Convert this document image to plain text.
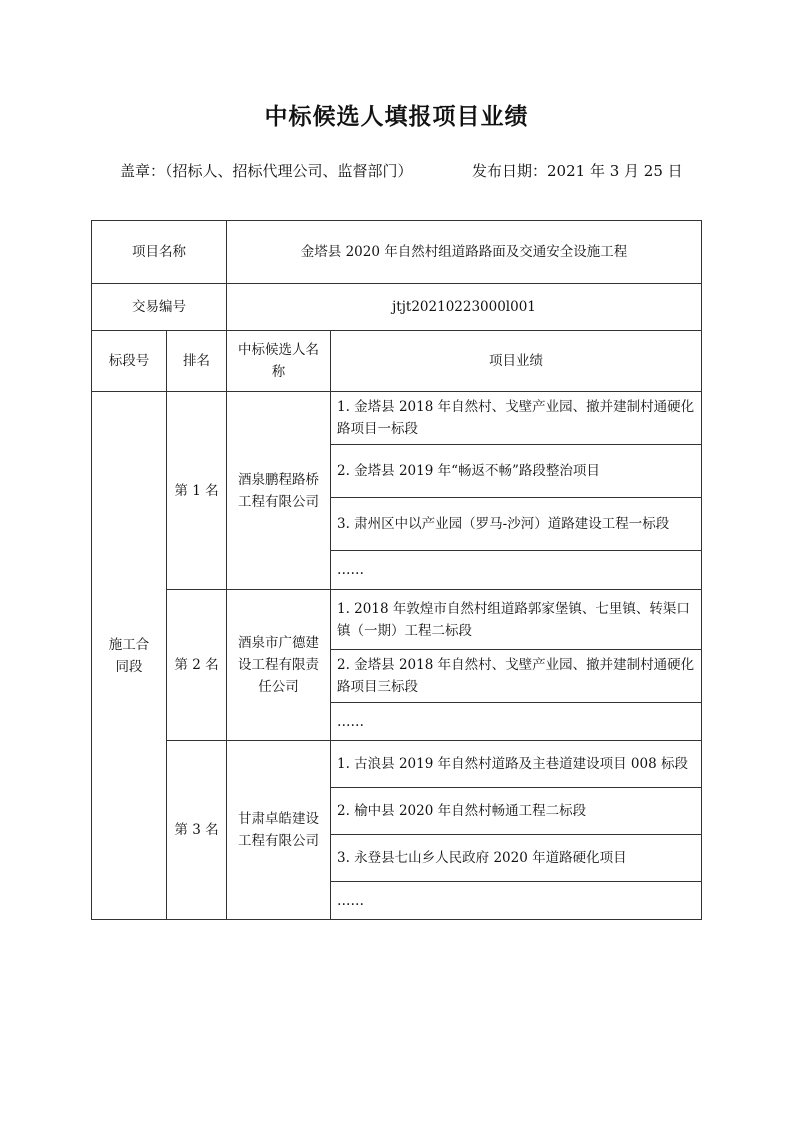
中标候选人填报项目业绩
盖章：（招标人、招标代理公司、监督部门）	发布日期：2021 年 3 月 25 日
项目名称		金塔县 2020 年自然村组道路路面及交通安全设施工程	
交易编号		jtjt20210223000l001	
标段号	排名	中标候选人名称	项目业绩
施工合同段	第 1 名	酒泉鹏程路桥工程有限公司	1. 金塔县 2018 年自然村、戈壁产业园、撤并建制村通硬化路项目一标段
			2. 金塔县 2019 年“畅返不畅”路段整治项目
			3. 肃州区中以产业园（罗马-沙河）道路建设工程一标段
			……
	第 2 名	酒泉市广德建设工程有限责任公司	1. 2018 年敦煌市自然村组道路郭家堡镇、七里镇、转渠口镇（一期）工程二标段
			2. 金塔县 2018 年自然村、戈壁产业园、撤并建制村通硬化路项目三标段
			……
	第 3 名	甘肃卓皓建设工程有限公司	1. 古浪县 2019 年自然村道路及主巷道建设项目 008 标段
			2. 榆中县 2020 年自然村畅通工程二标段
			3. 永登县七山乡人民政府 2020 年道路硬化项目
			……
